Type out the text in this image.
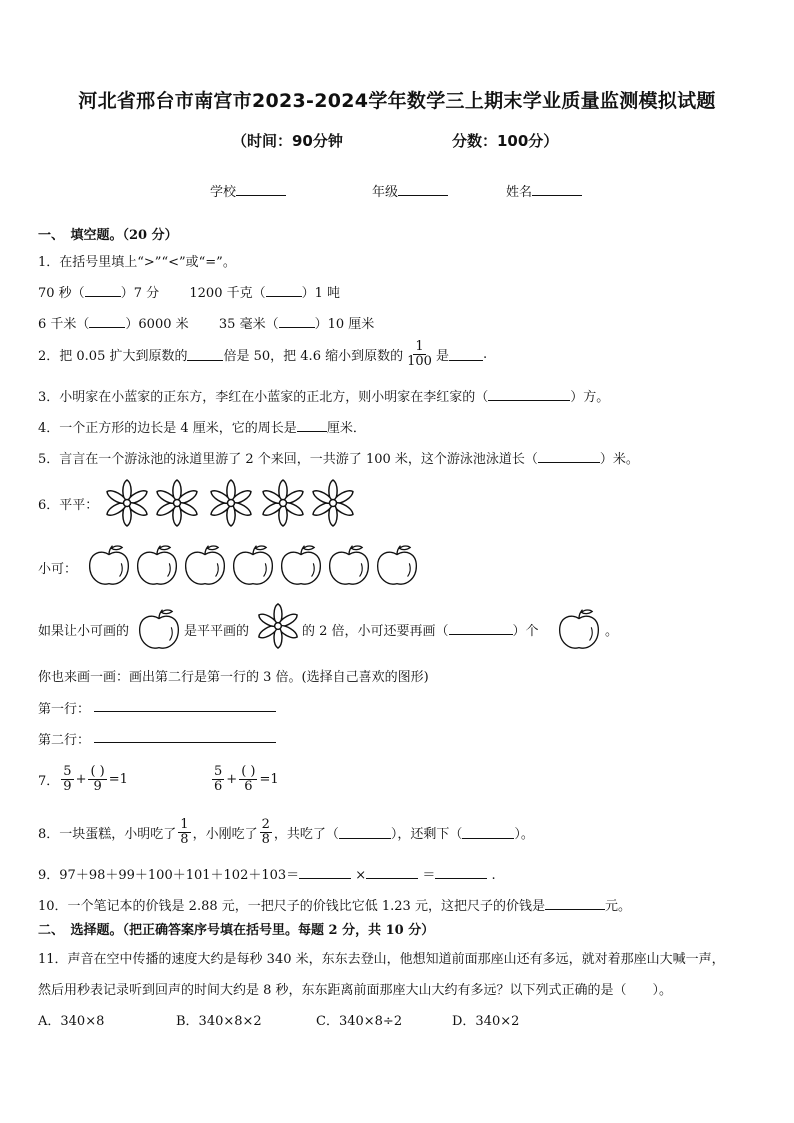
河北省邢台市南宫市2023-2024学年数学三上期末学业质量监测模拟试题
（时间：90分钟	分数：100分）
学校	年级	姓名
一、　填空题。（20 分）
1．在括号里填上“>”“<”或“=”。
70 秒（	）7 分 1200 千克（	）1 吨
6 千米（	）6000 米 35 毫米（	）10 厘米
2．把 0.05 扩大到原数的	倍是 50，把 4.6 缩小到原数的 $\frac{1}{100}$ 是	.
3．小明家在小蓝家的正东方，李红在小蓝家的正北方，则小明家在李红家的（	）方。
4．一个正方形的边长是 4 厘米，它的周长是 厘米．
5．言言在一个游泳池的泳道里游了 2 个来回，一共游了 100 米，这个游泳池泳道长（	）米。
6．平平：
小可：
如果让小可画的	是平平画的	的 2 倍，小可还要再画（	）个	。
你也来画一画：画出第二行是第一行的 3 倍。(选择自己喜欢的图形)
第一行：
第二行：
7． $\frac{5}{9} + \frac{( )}{9} =1$	$\frac{5}{6} + \frac{( )}{6} =1$
8．一块蛋糕，小明吃了 $\frac{1}{8}$ ，小刚吃了 $\frac{2}{8}$ ，共吃了（	），还剩下（	）。
9．97＋98＋99＋100＋101＋102＋103＝	×	＝	.
10．一个笔记本的价钱是 2.88 元，一把尺子的价钱比它低 1.23 元，这把尺子的价钱是	元。
二、　选择题。（把正确答案序号填在括号里。每题 2 分，共 10 分）
11．声音在空中传播的速度大约是每秒 340 米，东东去登山，他想知道前面那座山还有多远，就对着那座山大喊一声，
然后用秒表记录听到回声的时间大约是 8 秒，东东距离前面那座大山大约有多远？以下列式正确的是（　　）。
A．340×8	B．340×8×2	C．340×8÷2	D．340×2
